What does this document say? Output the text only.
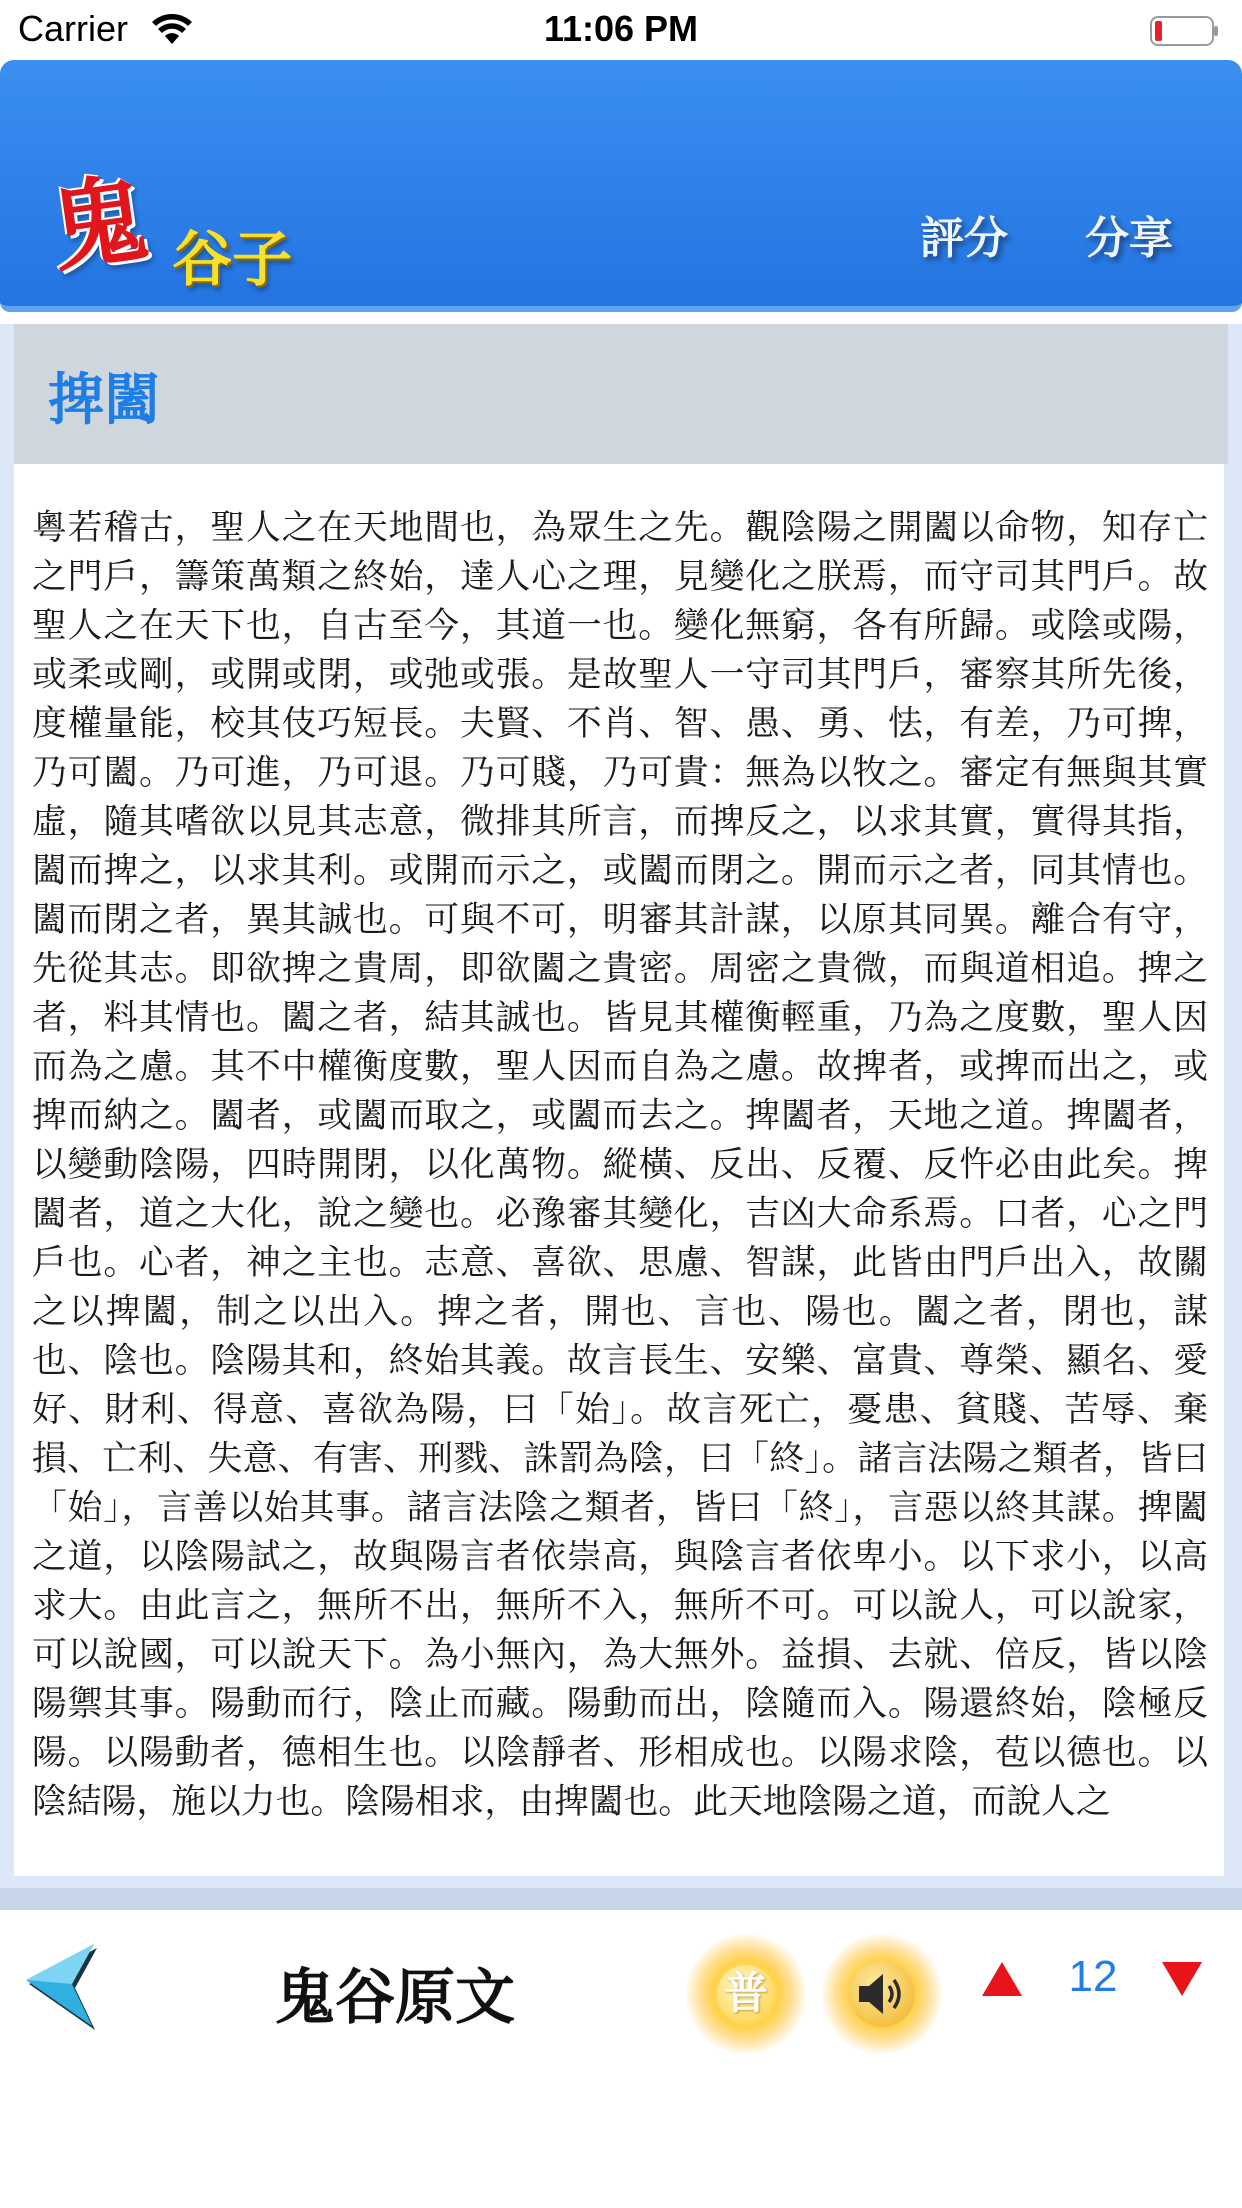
Carrier	11:06 PM
鬼 谷子	評分 分享
捭闔
粵若稽古，聖人之在天地間也，為眾生之先。觀陰陽之開闔以命物，知存亡之門戶，籌策萬類之終始，達人心之理，見變化之朕焉，而守司其門戶。故聖人之在天下也，自古至今，其道一也。變化無窮，各有所歸。或陰或陽，或柔或剛，或開或閉，或弛或張。是故聖人一守司其門戶，審察其所先後，度權量能，校其伎巧短長。夫賢、不肖、智、愚、勇、怯，有差，乃可捭，乃可闔。乃可進，乃可退。乃可賤，乃可貴：無為以牧之。審定有無與其實虛，隨其嗜欲以見其志意，微排其所言，而捭反之，以求其實，實得其指，闔而捭之，以求其利。或開而示之，或闔而閉之。開而示之者，同其情也。闔而閉之者，異其誠也。可與不可，明審其計謀，以原其同異。離合有守，先從其志。即欲捭之貴周，即欲闔之貴密。周密之貴微，而與道相追。捭之者，料其情也。闔之者，結其誠也。皆見其權衡輕重，乃為之度數，聖人因而為之慮。其不中權衡度數，聖人因而自為之慮。故捭者，或捭而出之，或捭而納之。闔者，或闔而取之，或闔而去之。捭闔者，天地之道。捭闔者，以變動陰陽，四時開閉，以化萬物。縱橫、反出、反覆、反忤必由此矣。捭闔者，道之大化，說之變也。必豫審其變化，吉凶大命系焉。口者，心之門戶也。心者，神之主也。志意、喜欲、思慮、智謀，此皆由門戶出入，故關之以捭闔，制之以出入。捭之者，開也、言也、陽也。闔之者，閉也，謀也、陰也。陰陽其和，終始其義。故言長生、安樂、富貴、尊榮、顯名、愛好、財利、得意、喜欲為陽，曰「始」。故言死亡，憂患、貧賤、苦辱、棄損、亡利、失意、有害、刑戮、誅罰為陰，曰「終」。諸言法陽之類者，皆曰「始」，言善以始其事。諸言法陰之類者，皆曰「終」，言惡以終其謀。捭闔之道，以陰陽試之，故與陽言者依崇高，與陰言者依卑小。以下求小，以高求大。由此言之，無所不出，無所不入，無所不可。可以說人，可以說家，可以說國，可以說天下。為小無內，為大無外。益損、去就、倍反，皆以陰陽禦其事。陽動而行，陰止而藏。陽動而出，陰隨而入。陽還終始，陰極反陽。以陽動者，德相生也。以陰靜者、形相成也。以陽求陰，苞以德也。以陰結陽，施以力也。陰陽相求，由捭闔也。此天地陰陽之道，而說人之
鬼谷原文	普	12
